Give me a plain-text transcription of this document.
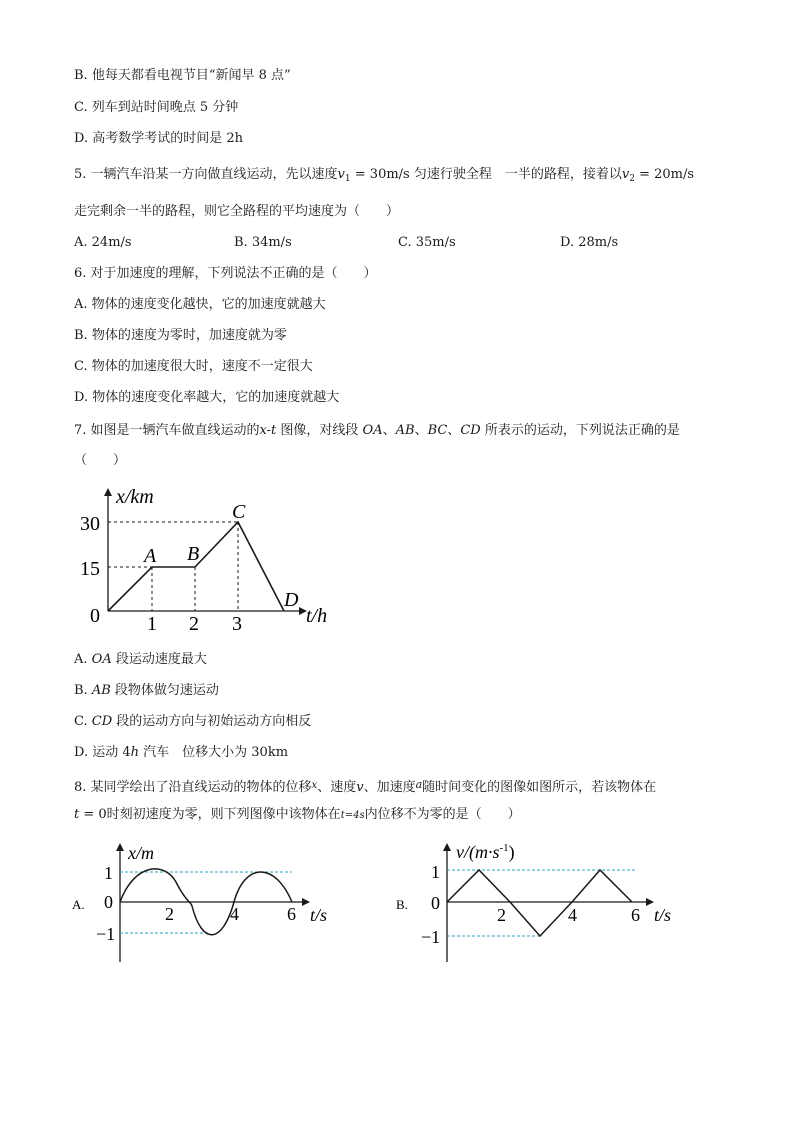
B. 他每天都看电视节目“新闻早 8 点”
C. 列车到站时间晚点 5 分钟
D. 高考数学考试的时间是 2h
5. 一辆汽车沿某一方向做直线运动，先以速度$v_1 = 30m/s$ 匀速行驶全程　一半的路程，接着以$v_2 = 20m/s$
走完剩余一半的路程，则它全路程的平均速度为（　　）
A. 24m/s	B. 34m/s	C. 35m/s	D. 28m/s
6. 对于加速度的理解，下列说法不正确的是（　　）
A. 物体的速度变化越快，它的加速度就越大
B. 物体的速度为零时，加速度就为零
C. 物体的加速度很大时，速度不一定很大
D. 物体的速度变化率越大，它的加速度就越大
7. 如图是一辆汽车做直线运动的x-t 图像，对线段 OA、AB、BC、CD 所表示的运动，下列说法正确的是
（　　）
x/km
t/h
0
15
30
1 2 3
A B
C
D
A. OA 段运动速度最大
B. AB 段物体做匀速运动
C. CD 段的运动方向与初始运动方向相反
D. 运动 4h 汽车　位移大小为 30km
8. 某同学绘出了沿直线运动的物体的位移$^x$、速度v、加速度$^a$随时间变化的图像如图所示，若该物体在
t = 0时刻初速度为零，则下列图像中该物体在t=4s内位移不为零的是（　　）
A.
x/m
t/s
1
0
−1
2	4	6	B.
$v/(m\cdot s^{-1})$
t/s
1
0
−1
2	4	6
